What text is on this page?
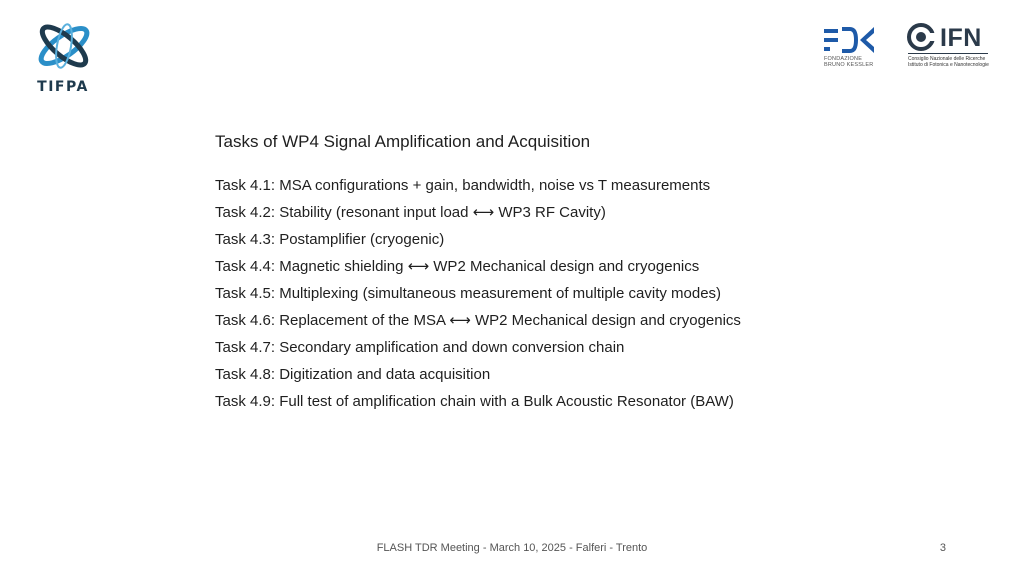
TIFPA
FONDAZIONE
BRUNO KESSLER
IFN
Consiglio Nazionale delle Ricerche
Istituto di Fotonica e Nanotecnologie
Tasks of WP4 Signal Amplification and Acquisition
Task 4.1: MSA configurations + gain, bandwidth, noise vs T measurements
Task 4.2: Stability (resonant input load ⟷ WP3 RF Cavity)
Task 4.3: Postamplifier (cryogenic)
Task 4.4: Magnetic shielding ⟷ WP2 Mechanical design and cryogenics
Task 4.5: Multiplexing (simultaneous measurement of multiple cavity modes)
Task 4.6: Replacement of the MSA ⟷ WP2 Mechanical design and cryogenics
Task 4.7: Secondary amplification and down conversion chain
Task 4.8: Digitization and data acquisition
Task 4.9: Full test of amplification chain with a Bulk Acoustic Resonator (BAW)
FLASH TDR Meeting - March 10, 2025 - Falferi - Trento	3
